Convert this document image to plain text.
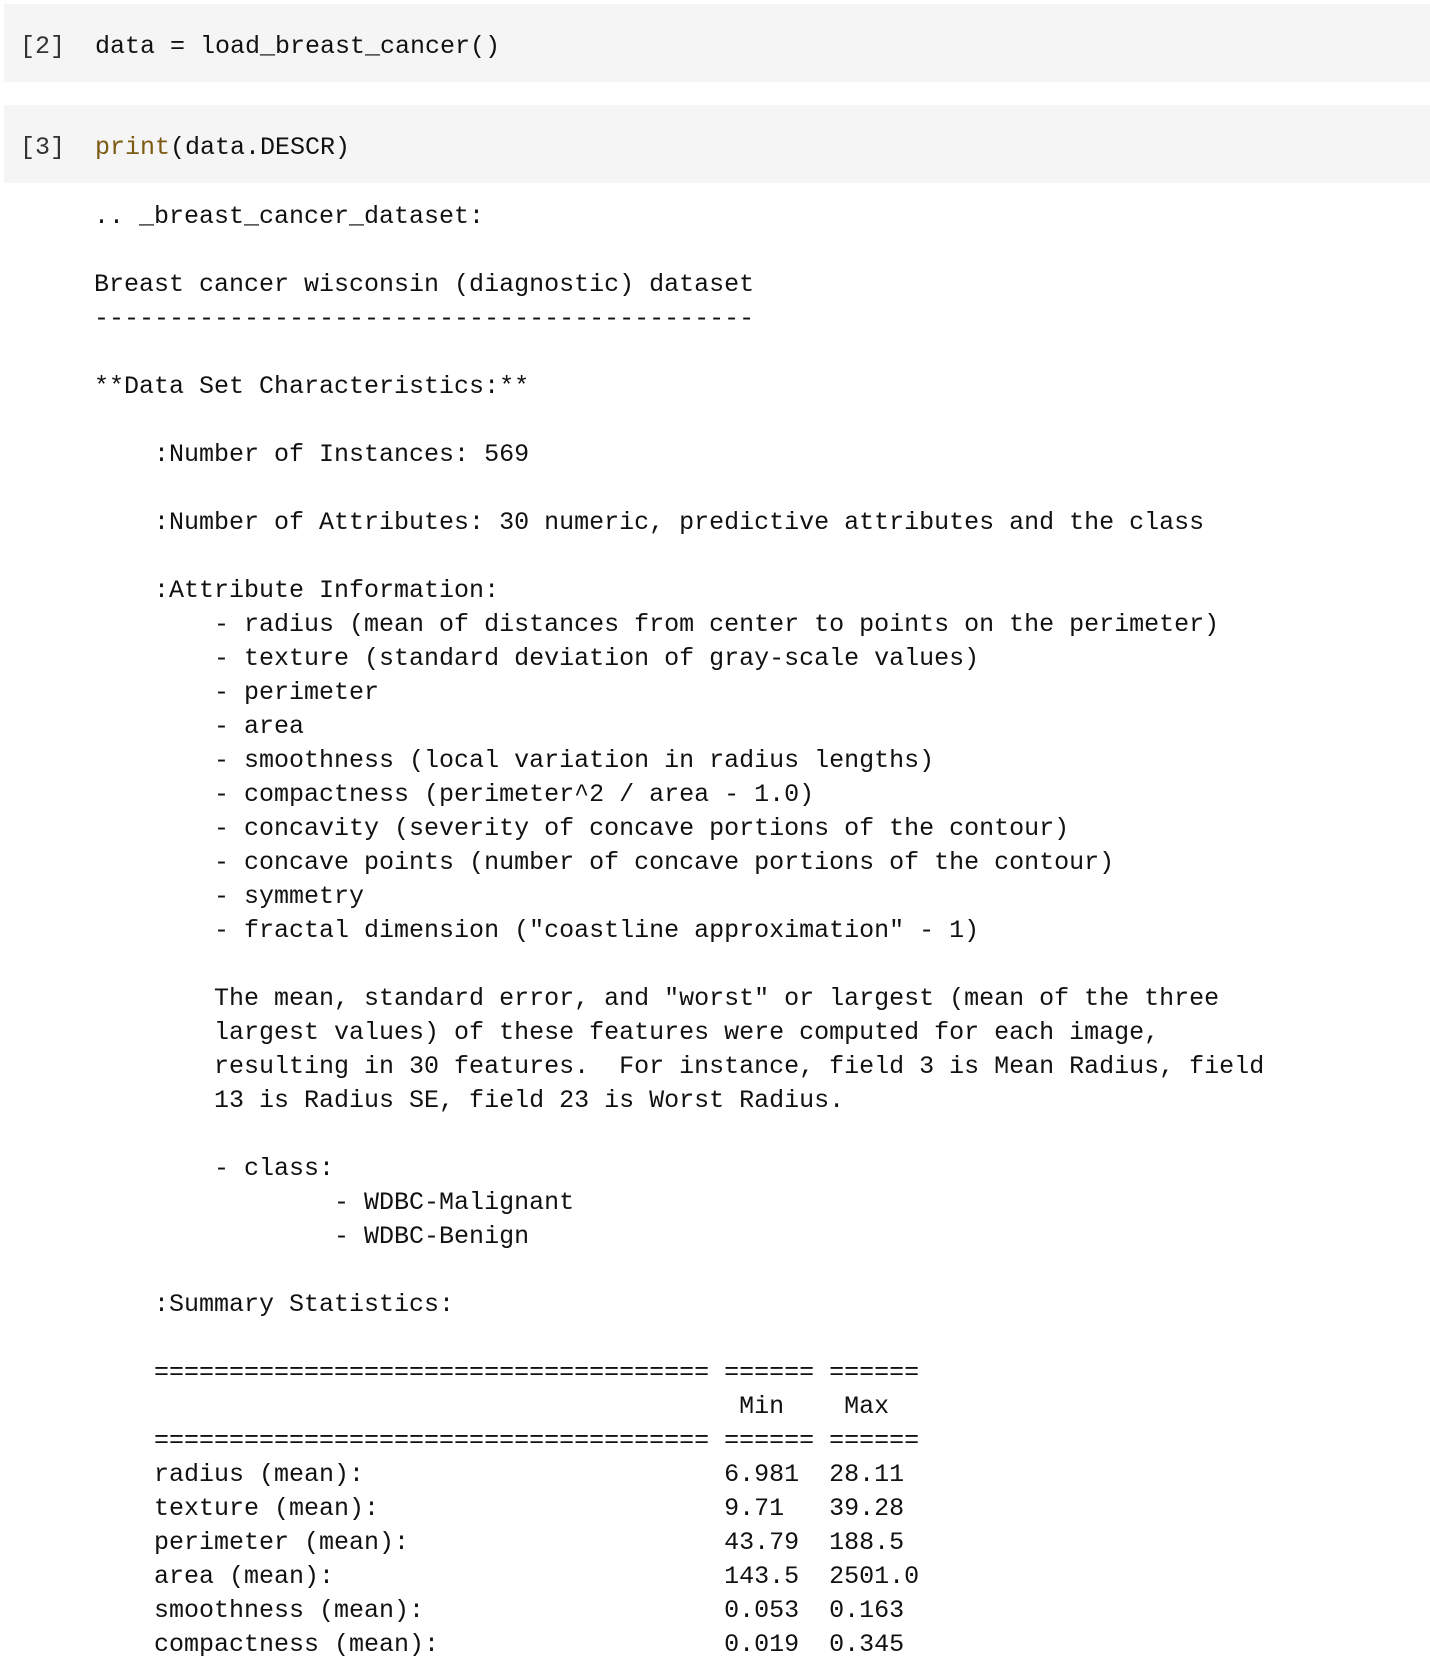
[2] data = load_breast_cancer()
[3] print(data.DESCR)
.. _breast_cancer_dataset:
Breast cancer wisconsin (diagnostic) dataset
--------------------------------------------
**Data Set Characteristics:**
:Number of Instances: 569
:Number of Attributes: 30 numeric, predictive attributes and the class
:Attribute Information:
- radius (mean of distances from center to points on the perimeter)
- texture (standard deviation of gray-scale values)
- perimeter
- area
- smoothness (local variation in radius lengths)
- compactness (perimeter^2 / area - 1.0)
- concavity (severity of concave portions of the contour)
- concave points (number of concave portions of the contour)
- symmetry
- fractal dimension ("coastline approximation" - 1)
The mean, standard error, and "worst" or largest (mean of the three
largest values) of these features were computed for each image,
resulting in 30 features.  For instance, field 3 is Mean Radius, field
13 is Radius SE, field 23 is Worst Radius.
- class:
- WDBC-Malignant
- WDBC-Benign
:Summary Statistics:
===================================== ====== ======
Min    Max
===================================== ====== ======
radius (mean):                        6.981  28.11
texture (mean):                       9.71   39.28
perimeter (mean):                     43.79  188.5
area (mean):                          143.5  2501.0
smoothness (mean):                    0.053  0.163
compactness (mean):                   0.019  0.345
